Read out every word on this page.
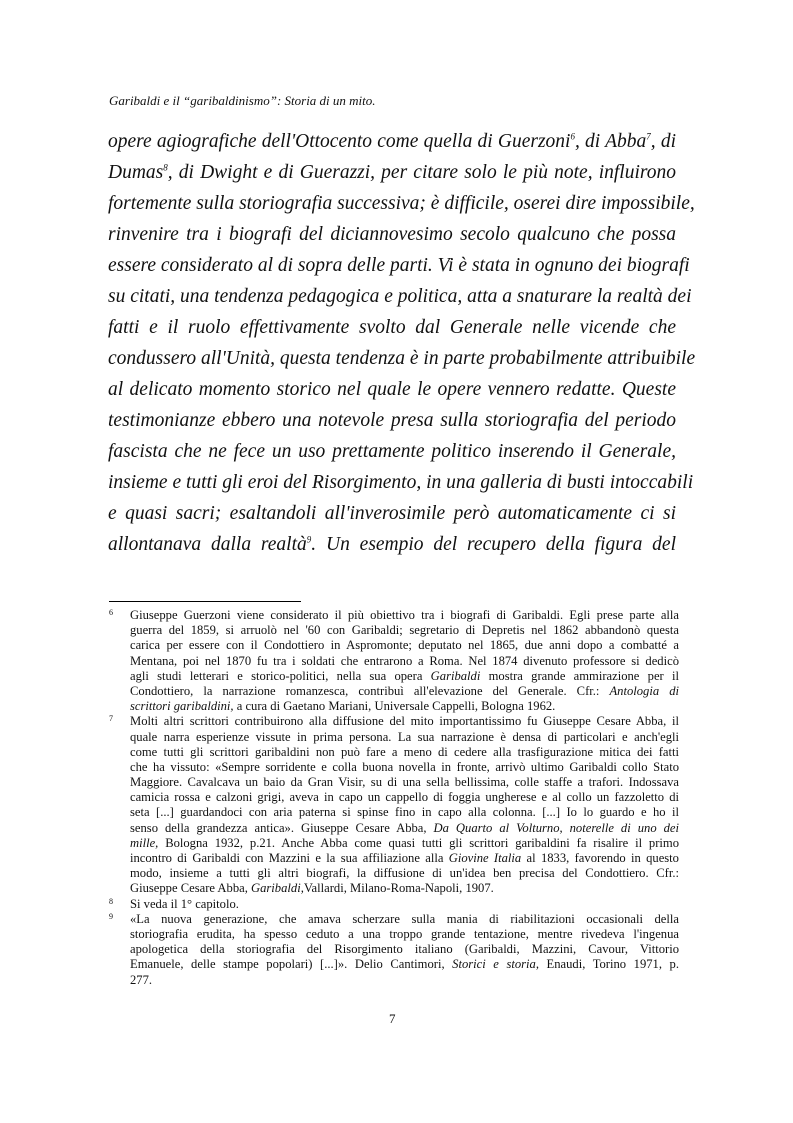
Garibaldi e il “garibaldinismo”: Storia di un mito.
opere agiografiche dell'Ottocento come quella di Guerzoni$^6$, di Abba$^7$, di
Dumas$^8$, di Dwight e di Guerazzi, per citare solo le più note, influirono
fortemente sulla storiografia successiva; è difficile, oserei dire impossibile,
rinvenire tra i biografi del diciannovesimo secolo qualcuno che possa
essere considerato al di sopra delle parti. Vi è stata in ognuno dei biografi
su citati, una tendenza pedagogica e politica, atta a snaturare la realtà dei
fatti e il ruolo effettivamente svolto dal Generale nelle vicende che
condussero all'Unità, questa tendenza è in parte probabilmente attribuibile
al delicato momento storico nel quale le opere vennero redatte. Queste
testimonianze ebbero una notevole presa sulla storiografia del periodo
fascista che ne fece un uso prettamente politico inserendo il Generale,
insieme e tutti gli eroi del Risorgimento, in una galleria di busti intoccabili
e quasi sacri; esaltandoli all'inverosimile però automaticamente ci si
allontanava dalla realtà$^9$. Un esempio del recupero della figura del
6 Giuseppe Guerzoni viene considerato il più obiettivo tra i biografi di Garibaldi. Egli prese parte alla
guerra del 1859, si arruolò nel '60 con Garibaldi; segretario di Depretis nel 1862 abbandonò questa
carica per essere con il Condottiero in Aspromonte; deputato nel 1865, due anni dopo a combatté a
Mentana, poi nel 1870 fu tra i soldati che entrarono a Roma. Nel 1874 divenuto professore si dedicò
agli studi letterari e storico-politici, nella sua opera Garibaldi mostra grande ammirazione per il
Condottiero, la narrazione romanzesca, contribuì all'elevazione del Generale. Cfr.: Antologia di
scrittori garibaldini, a cura di Gaetano Mariani, Universale Cappelli, Bologna 1962.
7 Molti altri scrittori contribuirono alla diffusione del mito importantissimo fu Giuseppe Cesare Abba, il
quale narra esperienze vissute in prima persona. La sua narrazione è densa di particolari e anch'egli
come tutti gli scrittori garibaldini non può fare a meno di cedere alla trasfigurazione mitica dei fatti
che ha vissuto: «Sempre sorridente e colla buona novella in fronte, arrivò ultimo Garibaldi collo Stato
Maggiore. Cavalcava un baio da Gran Visir, su di una sella bellissima, colle staffe a trafori. Indossava
camicia rossa e calzoni grigi, aveva in capo un cappello di foggia ungherese e al collo un fazzoletto di
seta [...] guardandoci con aria paterna si spinse fino in capo alla colonna. [...] Io lo guardo e ho il
senso della grandezza antica». Giuseppe Cesare Abba, Da Quarto al Volturno, noterelle di uno dei
mille, Bologna 1932, p.21. Anche Abba come quasi tutti gli scrittori garibaldini fa risalire il primo
incontro di Garibaldi con Mazzini e la sua affiliazione alla Giovine Italia al 1833, favorendo in questo
modo, insieme a tutti gli altri biografi, la diffusione di un'idea ben precisa del Condottiero. Cfr.:
Giuseppe Cesare Abba, Garibaldi,Vallardi, Milano-Roma-Napoli, 1907.
8 Si veda il 1° capitolo.
9 «La nuova generazione, che amava scherzare sulla mania di riabilitazioni occasionali della
storiografia erudita, ha spesso ceduto a una troppo grande tentazione, mentre rivedeva l'ingenua
apologetica della storiografia del Risorgimento italiano (Garibaldi, Mazzini, Cavour, Vittorio
Emanuele, delle stampe popolari) [...]». Delio Cantimori, Storici e storia, Enaudi, Torino 1971, p.
277.
7
